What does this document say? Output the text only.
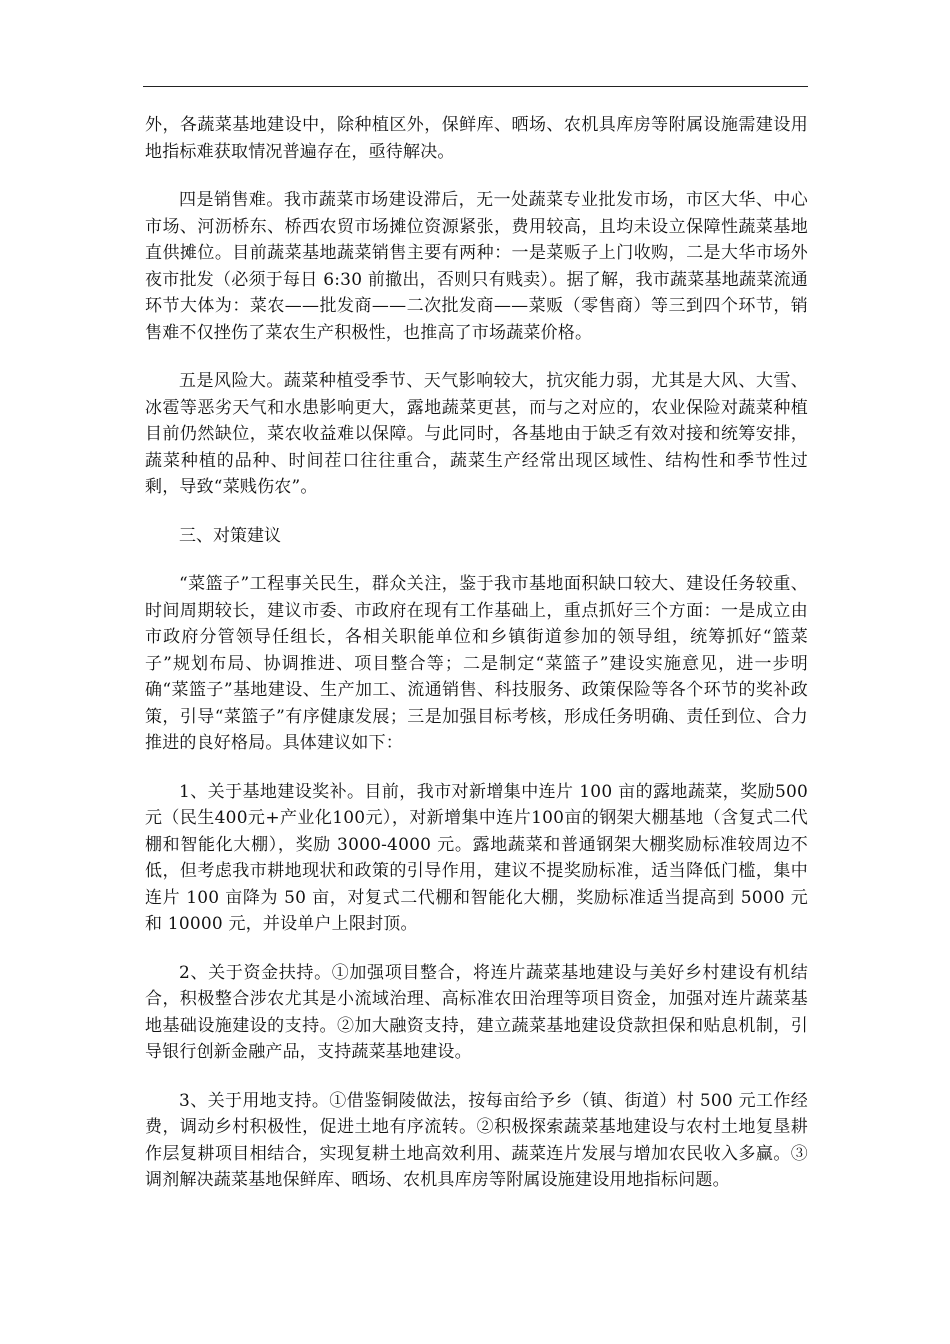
外，各蔬菜基地建设中，除种植区外，保鲜库、晒场、农机具库房等附属设施需建设用地指标难获取情况普遍存在，亟待解决。

四是销售难。我市蔬菜市场建设滞后，无一处蔬菜专业批发市场，市区大华、中心市场、河沥桥东、桥西农贸市场摊位资源紧张，费用较高，且均未设立保障性蔬菜基地直供摊位。目前蔬菜基地蔬菜销售主要有两种：一是菜贩子上门收购，二是大华市场外夜市批发（必须于每日 6:30 前撤出，否则只有贱卖）。据了解，我市蔬菜基地蔬菜流通环节大体为：菜农——批发商——二次批发商——菜贩（零售商）等三到四个环节，销售难不仅挫伤了菜农生产积极性，也推高了市场蔬菜价格。

五是风险大。蔬菜种植受季节、天气影响较大，抗灾能力弱，尤其是大风、大雪、冰雹等恶劣天气和水患影响更大，露地蔬菜更甚，而与之对应的，农业保险对蔬菜种植目前仍然缺位，菜农收益难以保障。与此同时，各基地由于缺乏有效对接和统筹安排，蔬菜种植的品种、时间茬口往往重合，蔬菜生产经常出现区域性、结构性和季节性过剩，导致“菜贱伤农”。

三、对策建议

“菜篮子”工程事关民生，群众关注，鉴于我市基地面积缺口较大、建设任务较重、时间周期较长，建议市委、市政府在现有工作基础上，重点抓好三个方面：一是成立由市政府分管领导任组长，各相关职能单位和乡镇街道参加的领导组，统筹抓好“篮菜子”规划布局、协调推进、项目整合等；二是制定“菜篮子”建设实施意见，进一步明确“菜篮子”基地建设、生产加工、流通销售、科技服务、政策保险等各个环节的奖补政策，引导“菜篮子”有序健康发展；三是加强目标考核，形成任务明确、责任到位、合力推进的良好格局。具体建议如下：

1、关于基地建设奖补。目前，我市对新增集中连片 100 亩的露地蔬菜，奖励500元（民生400元+产业化100元），对新增集中连片100亩的钢架大棚基地（含复式二代棚和智能化大棚），奖励 3000-4000 元。露地蔬菜和普通钢架大棚奖励标准较周边不低，但考虑我市耕地现状和政策的引导作用，建议不提奖励标准，适当降低门槛，集中连片 100 亩降为 50 亩，对复式二代棚和智能化大棚，奖励标准适当提高到 5000 元和 10000 元，并设单户上限封顶。

2、关于资金扶持。①加强项目整合，将连片蔬菜基地建设与美好乡村建设有机结合，积极整合涉农尤其是小流域治理、高标准农田治理等项目资金，加强对连片蔬菜基地基础设施建设的支持。②加大融资支持，建立蔬菜基地建设贷款担保和贴息机制，引导银行创新金融产品，支持蔬菜基地建设。

3、关于用地支持。①借鉴铜陵做法，按每亩给予乡（镇、街道）村 500 元工作经费，调动乡村积极性，促进土地有序流转。②积极探索蔬菜基地建设与农村土地复垦耕作层复耕项目相结合，实现复耕土地高效利用、蔬菜连片发展与增加农民收入多赢。③调剂解决蔬菜基地保鲜库、晒场、农机具库房等附属设施建设用地指标问题。
